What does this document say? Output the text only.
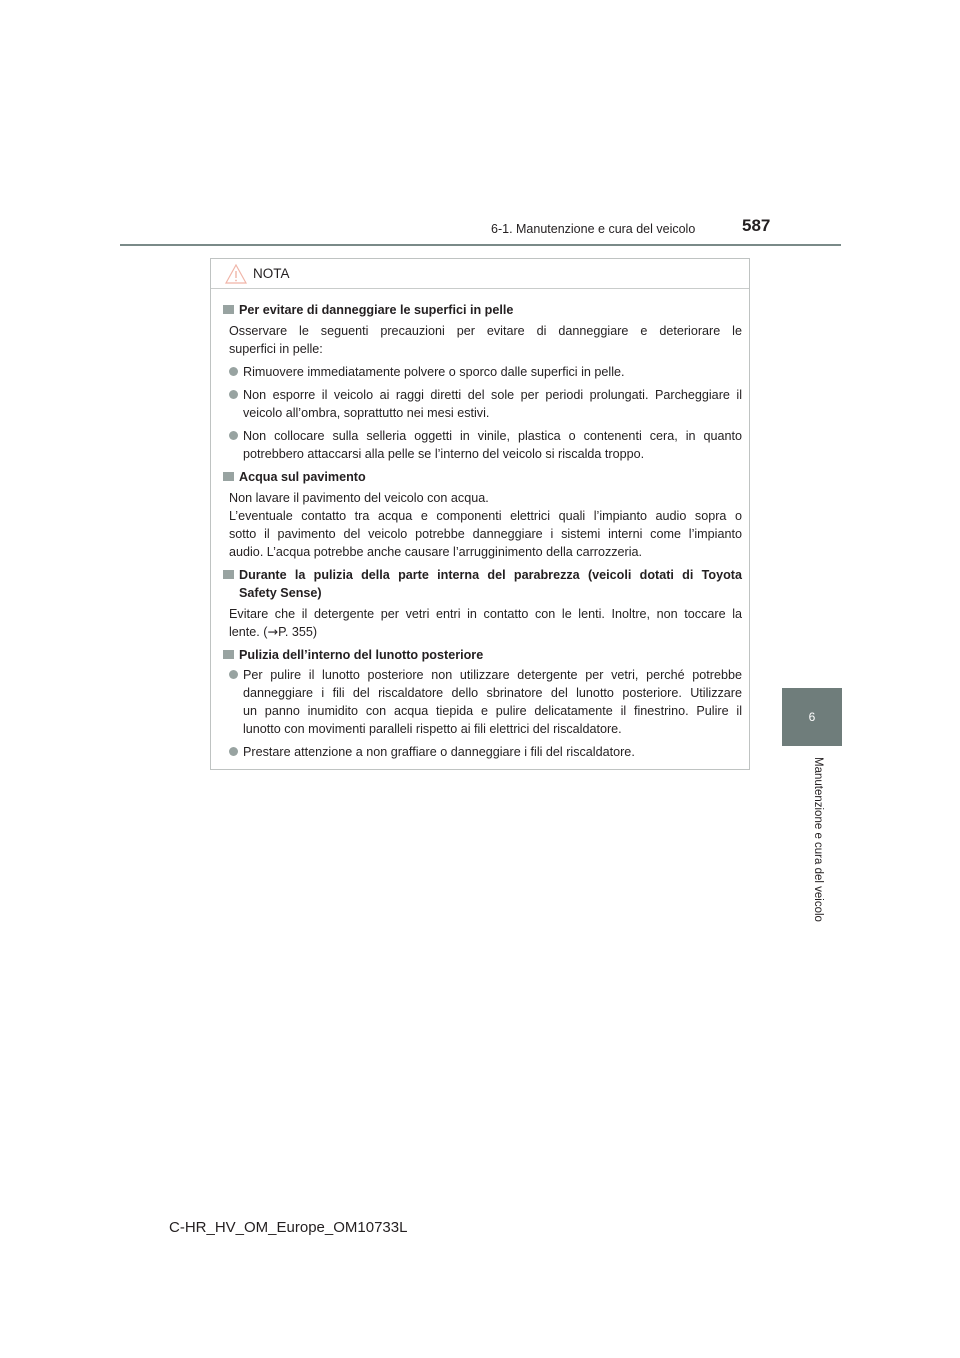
6-1. Manutenzione e cura del veicolo	587
6
Manutenzione e cura del veicolo
NOTA
Per evitare di danneggiare le superfici in pelle
Osservare le seguenti precauzioni per evitare di danneggiare e deteriorare le
superfici in pelle:
Rimuovere immediatamente polvere o sporco dalle superfici in pelle.
Non esporre il veicolo ai raggi diretti del sole per periodi prolungati. Parcheggiare il
veicolo all’ombra, soprattutto nei mesi estivi.
Non collocare sulla selleria oggetti in vinile, plastica o contenenti cera, in quanto
potrebbero attaccarsi alla pelle se l’interno del veicolo si riscalda troppo.
Acqua sul pavimento
Non lavare il pavimento del veicolo con acqua.
L’eventuale contatto tra acqua e componenti elettrici quali l’impianto audio sopra o
sotto il pavimento del veicolo potrebbe danneggiare i sistemi interni come l’impianto
audio. L’acqua potrebbe anche causare l’arrugginimento della carrozzeria.
Durante la pulizia della parte interna del parabrezza (veicoli dotati di Toyota
Safety Sense)
Evitare che il detergente per vetri entri in contatto con le lenti. Inoltre, non toccare la
lente. (→P. 355)
Pulizia dell’interno del lunotto posteriore
Per pulire il lunotto posteriore non utilizzare detergente per vetri, perché potrebbe
danneggiare i fili del riscaldatore dello sbrinatore del lunotto posteriore. Utilizzare
un panno inumidito con acqua tiepida e pulire delicatamente il finestrino. Pulire il
lunotto con movimenti paralleli rispetto ai fili elettrici del riscaldatore.
Prestare attenzione a non graffiare o danneggiare i fili del riscaldatore.
C-HR_HV_OM_Europe_OM10733L
